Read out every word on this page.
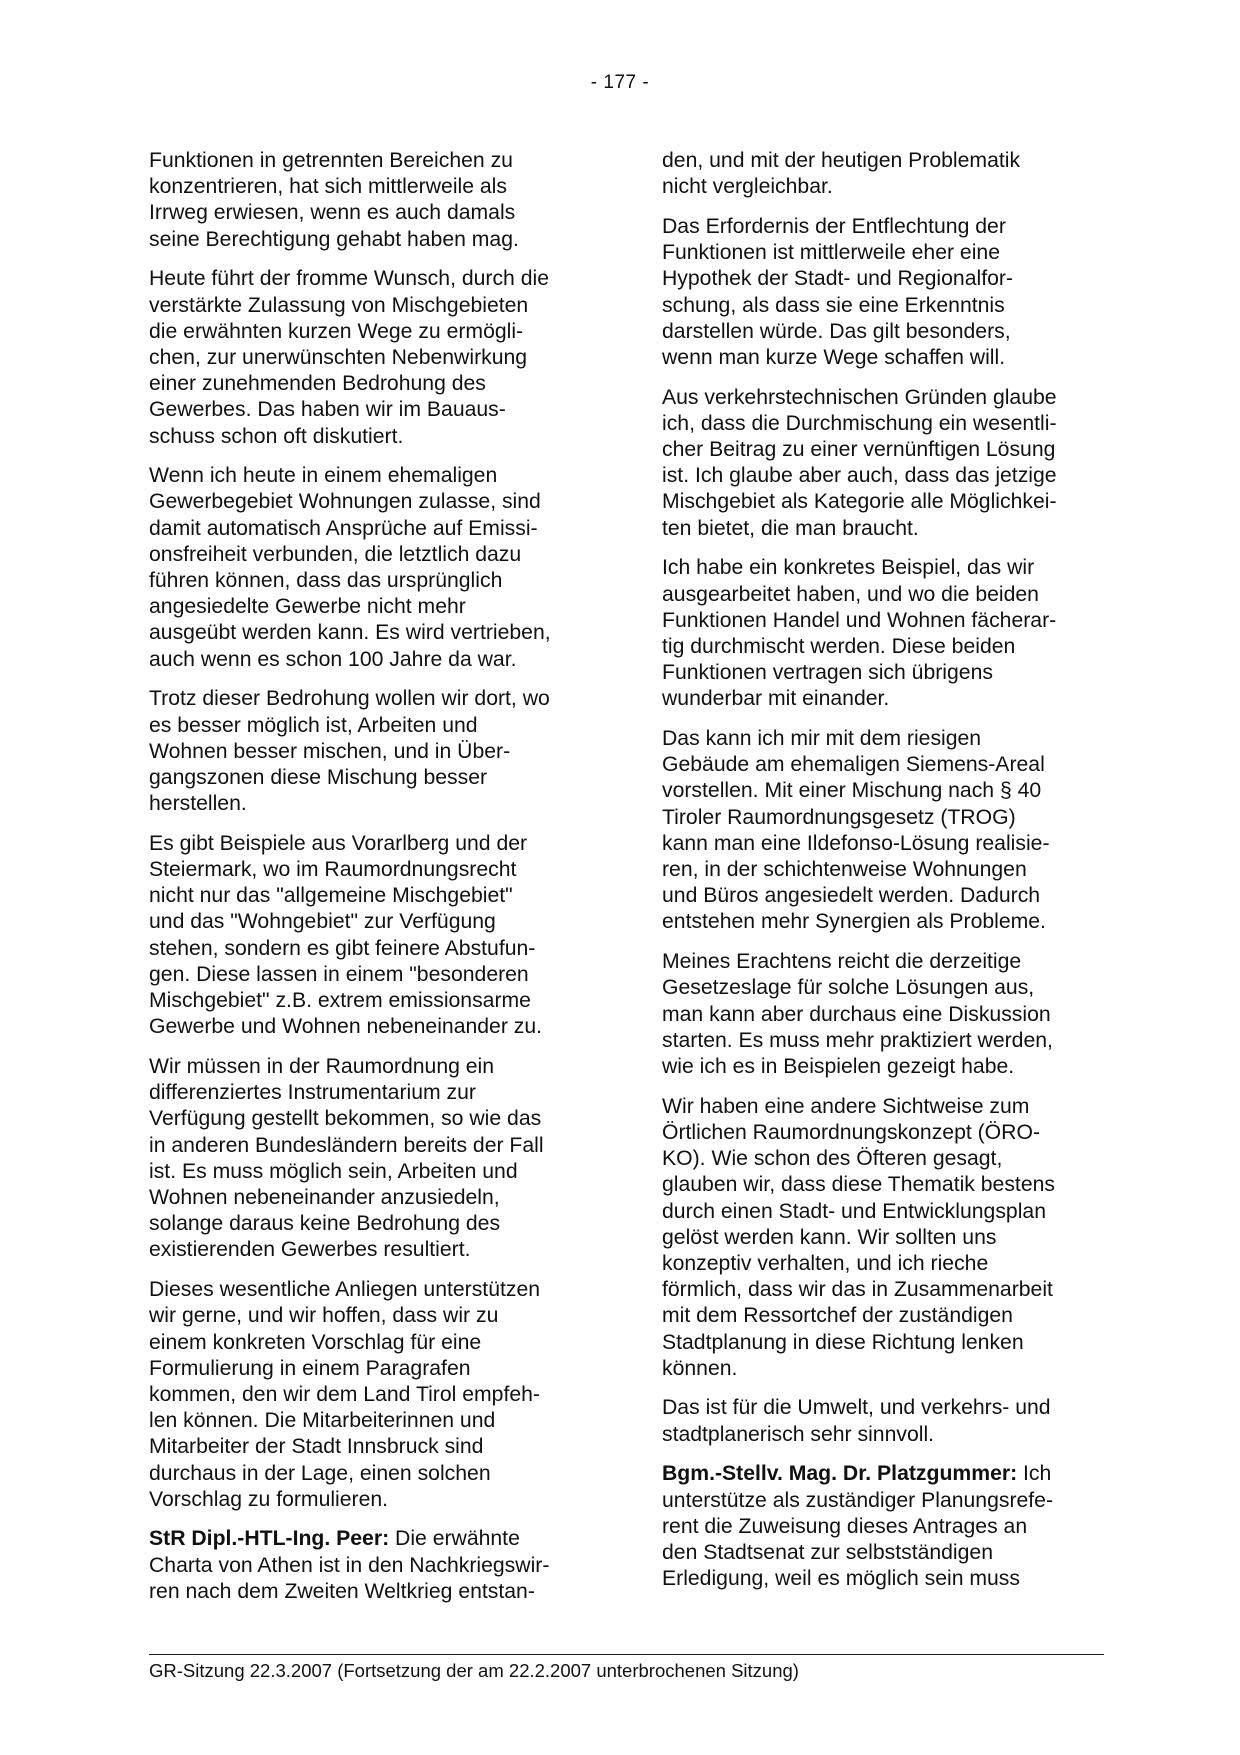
- 177 -
Funktionen in getrennten Bereichen zu
konzentrieren, hat sich mittlerweile als
Irrweg erwiesen, wenn es auch damals
seine Berechtigung gehabt haben mag.
Heute führt der fromme Wunsch, durch die
verstärkte Zulassung von Mischgebieten
die erwähnten kurzen Wege zu ermögli-
chen, zur unerwünschten Nebenwirkung
einer zunehmenden Bedrohung des
Gewerbes. Das haben wir im Bauaus-
schuss schon oft diskutiert.
Wenn ich heute in einem ehemaligen
Gewerbegebiet Wohnungen zulasse, sind
damit automatisch Ansprüche auf Emissi-
onsfreiheit verbunden, die letztlich dazu
führen können, dass das ursprünglich
angesiedelte Gewerbe nicht mehr
ausgeübt werden kann. Es wird vertrieben,
auch wenn es schon 100 Jahre da war.
Trotz dieser Bedrohung wollen wir dort, wo
es besser möglich ist, Arbeiten und
Wohnen besser mischen, und in Über-
gangszonen diese Mischung besser
herstellen.
Es gibt Beispiele aus Vorarlberg und der
Steiermark, wo im Raumordnungsrecht
nicht nur das "allgemeine Mischgebiet"
und das "Wohngebiet" zur Verfügung
stehen, sondern es gibt feinere Abstufun-
gen. Diese lassen in einem "besonderen
Mischgebiet" z.B. extrem emissionsarme
Gewerbe und Wohnen nebeneinander zu.
Wir müssen in der Raumordnung ein
differenziertes Instrumentarium zur
Verfügung gestellt bekommen, so wie das
in anderen Bundesländern bereits der Fall
ist. Es muss möglich sein, Arbeiten und
Wohnen nebeneinander anzusiedeln,
solange daraus keine Bedrohung des
existierenden Gewerbes resultiert.
Dieses wesentliche Anliegen unterstützen
wir gerne, und wir hoffen, dass wir zu
einem konkreten Vorschlag für eine
Formulierung in einem Paragrafen
kommen, den wir dem Land Tirol empfeh-
len können. Die Mitarbeiterinnen und
Mitarbeiter der Stadt Innsbruck sind
durchaus in der Lage, einen solchen
Vorschlag zu formulieren.
StR Dipl.-HTL-Ing. Peer: Die erwähnte
Charta von Athen ist in den Nachkriegswir-
ren nach dem Zweiten Weltkrieg entstan-
den, und mit der heutigen Problematik
nicht vergleichbar.
Das Erfordernis der Entflechtung der
Funktionen ist mittlerweile eher eine
Hypothek der Stadt- und Regionalfor-
schung, als dass sie eine Erkenntnis
darstellen würde. Das gilt besonders,
wenn man kurze Wege schaffen will.
Aus verkehrstechnischen Gründen glaube
ich, dass die Durchmischung ein wesentli-
cher Beitrag zu einer vernünftigen Lösung
ist. Ich glaube aber auch, dass das jetzige
Mischgebiet als Kategorie alle Möglichkei-
ten bietet, die man braucht.
Ich habe ein konkretes Beispiel, das wir
ausgearbeitet haben, und wo die beiden
Funktionen Handel und Wohnen fächerar-
tig durchmischt werden. Diese beiden
Funktionen vertragen sich übrigens
wunderbar mit einander.
Das kann ich mir mit dem riesigen
Gebäude am ehemaligen Siemens-Areal
vorstellen. Mit einer Mischung nach § 40
Tiroler Raumordnungsgesetz (TROG)
kann man eine Ildefonso-Lösung realisie-
ren, in der schichtenweise Wohnungen
und Büros angesiedelt werden. Dadurch
entstehen mehr Synergien als Probleme.
Meines Erachtens reicht die derzeitige
Gesetzeslage für solche Lösungen aus,
man kann aber durchaus eine Diskussion
starten. Es muss mehr praktiziert werden,
wie ich es in Beispielen gezeigt habe.
Wir haben eine andere Sichtweise zum
Örtlichen Raumordnungskonzept (ÖRO-
KO). Wie schon des Öfteren gesagt,
glauben wir, dass diese Thematik bestens
durch einen Stadt- und Entwicklungsplan
gelöst werden kann. Wir sollten uns
konzeptiv verhalten, und ich rieche
förmlich, dass wir das in Zusammenarbeit
mit dem Ressortchef der zuständigen
Stadtplanung in diese Richtung lenken
können.
Das ist für die Umwelt, und verkehrs- und
stadtplanerisch sehr sinnvoll.
Bgm.-Stellv. Mag. Dr. Platzgummer: Ich
unterstütze als zuständiger Planungsrefe-
rent die Zuweisung dieses Antrages an
den Stadtsenat zur selbstständigen
Erledigung, weil es möglich sein muss
GR-Sitzung 22.3.2007 (Fortsetzung der am 22.2.2007 unterbrochenen Sitzung)
